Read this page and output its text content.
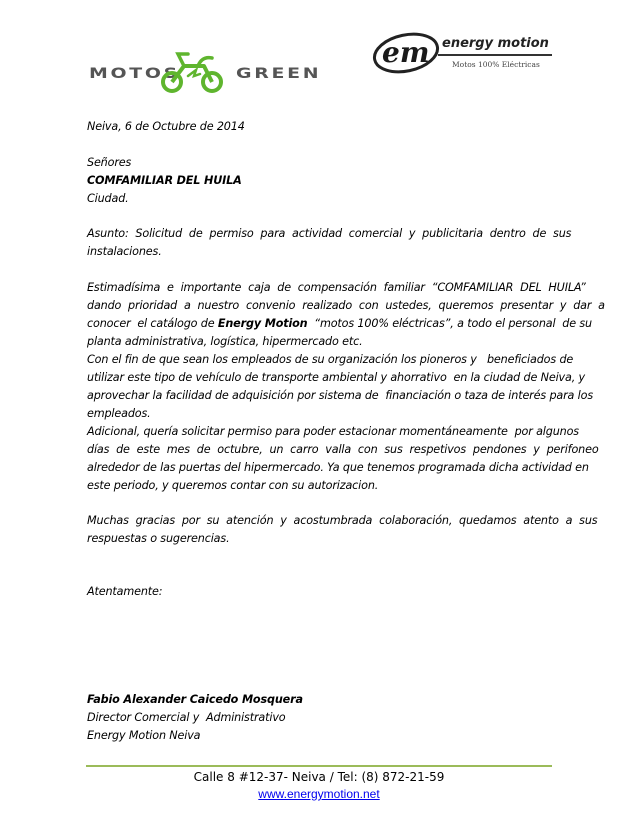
MOTOS	GREEN
em energy motion
Motos 100% Eléctricas
Neiva, 6 de Octubre de 2014
Señores
COMFAMILIAR DEL HUILA
Ciudad.
Asunto:  Solicitud  de  permiso  para  actividad  comercial  y  publicitaria  dentro  de  sus
instalaciones.
Estimadísima  e  importante  caja  de  compensación  familiar  “COMFAMILIAR  DEL  HUILA”
dando  prioridad  a  nuestro  convenio  realizado  con  ustedes,  queremos  presentar  y  dar  a
conocer  el catálogo de Energy Motion  “motos 100% eléctricas”, a todo el personal  de su
planta administrativa, logística, hipermercado etc.
Con el fin de que sean los empleados de su organización los pioneros y   beneficiados de
utilizar este tipo de vehículo de transporte ambiental y ahorrativo  en la ciudad de Neiva, y
aprovechar la facilidad de adquisición por sistema de  financiación o taza de interés para los
empleados.
Adicional, quería solicitar permiso para poder estacionar momentáneamente  por algunos
días  de  este  mes  de  octubre,  un  carro  valla  con  sus  respetivos  pendones  y  perifoneo
alrededor de las puertas del hipermercado. Ya que tenemos programada dicha actividad en
este periodo, y queremos contar con su autorizacion.
Muchas  gracias  por  su  atención  y  acostumbrada  colaboración,  quedamos  atento  a  sus
respuestas o sugerencias.
Atentamente:
Fabio Alexander Caicedo Mosquera
Director Comercial y  Administrativo
Energy Motion Neiva
Calle 8 #12-37- Neiva / Tel: (8) 872-21-59
www.energymotion.net
